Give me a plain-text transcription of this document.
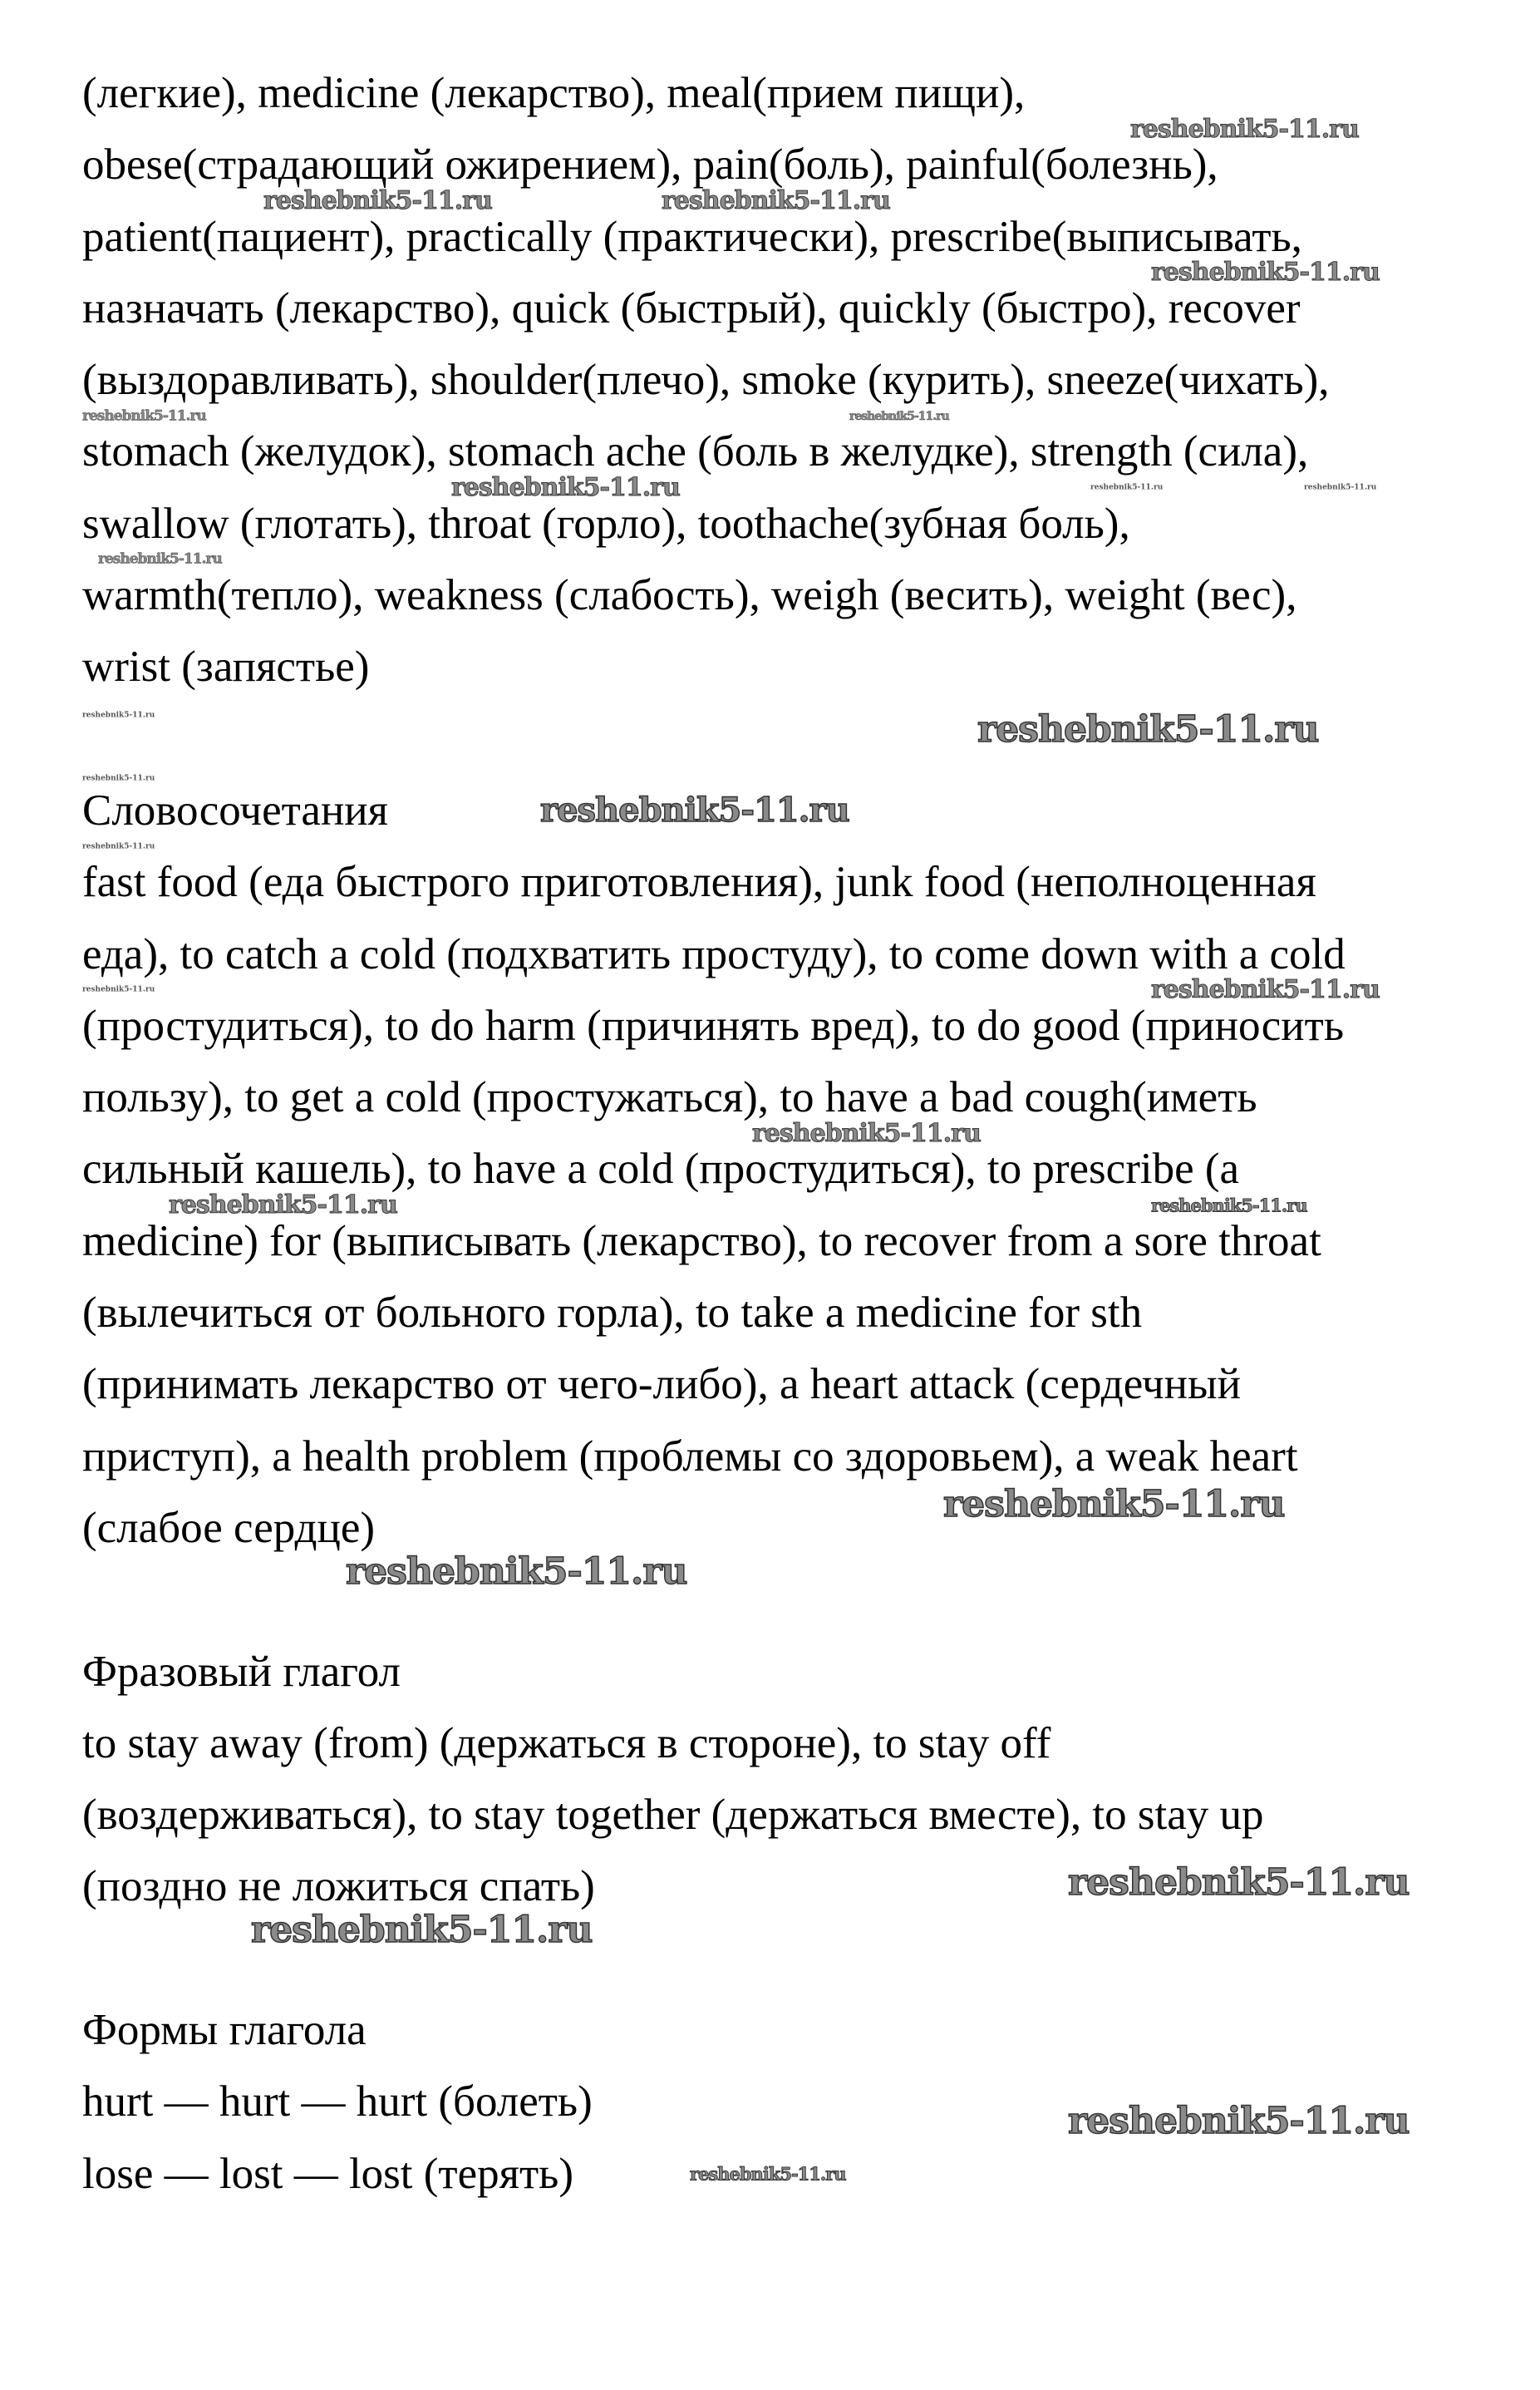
(легкие), medicine (лекарство), meal(прием пищи),
obese(страдающий ожирением), pain(боль), painful(болезнь),
patient(пациент), practically (практически), prescribe(выписывать,
назначать (лекарство), quick (быстрый), quickly (быстро), recover
(выздоравливать), shoulder(плечо), smoke (курить), sneeze(чихать),
stomach (желудок), stomach ache (боль в желудке), strength (сила),
swallow (глотать), throat (горло), toothache(зубная боль),
warmth(тепло), weakness (слабость), weigh (весить), weight (вес),
wrist (запястье)
Словосочетания
fast food (еда быстрого приготовления), junk food (неполноценная
еда), to catch a cold (подхватить простуду), to come down with a cold
(простудиться), to do harm (причинять вред), to do good (приносить
пользу), to get a cold (простужаться), to have a bad cough(иметь
сильный кашель), to have a cold (простудиться), to prescribe (a
medicine) for (выписывать (лекарство), to recover from a sore throat
(вылечиться от больного горла), to take a medicine for sth
(принимать лекарство от чего-либо), a heart attack (сердечный
приступ), a health problem (проблемы со здоровьем), a weak heart
(слабое сердце)
Фразовый глагол
to stay away (from) (держаться в стороне), to stay off
(воздерживаться), to stay together (держаться вместе), to stay up
(поздно не ложиться спать)
Формы глагола
hurt — hurt — hurt (болеть)
lose — lost — lost (терять)
reshebnik5-11.ru
reshebnik5-11.ru	reshebnik5-11.ru
reshebnik5-11.ru
reshebnik5-11.ru	reshebnik5-11.ru
reshebnik5-11.ru	reshebnik5-11.ru	reshebnik5-11.ru
reshebnik5-11.ru
reshebnik5-11.ru	reshebnik5-11.ru
reshebnik5-11.ru
reshebnik5-11.ru
reshebnik5-11.ru
reshebnik5-11.ru	reshebnik5-11.ru
reshebnik5-11.ru
reshebnik5-11.ru	reshebnik5-11.ru
reshebnik5-11.ru
reshebnik5-11.ru
reshebnik5-11.ru
reshebnik5-11.ru
reshebnik5-11.ru
reshebnik5-11.ru
